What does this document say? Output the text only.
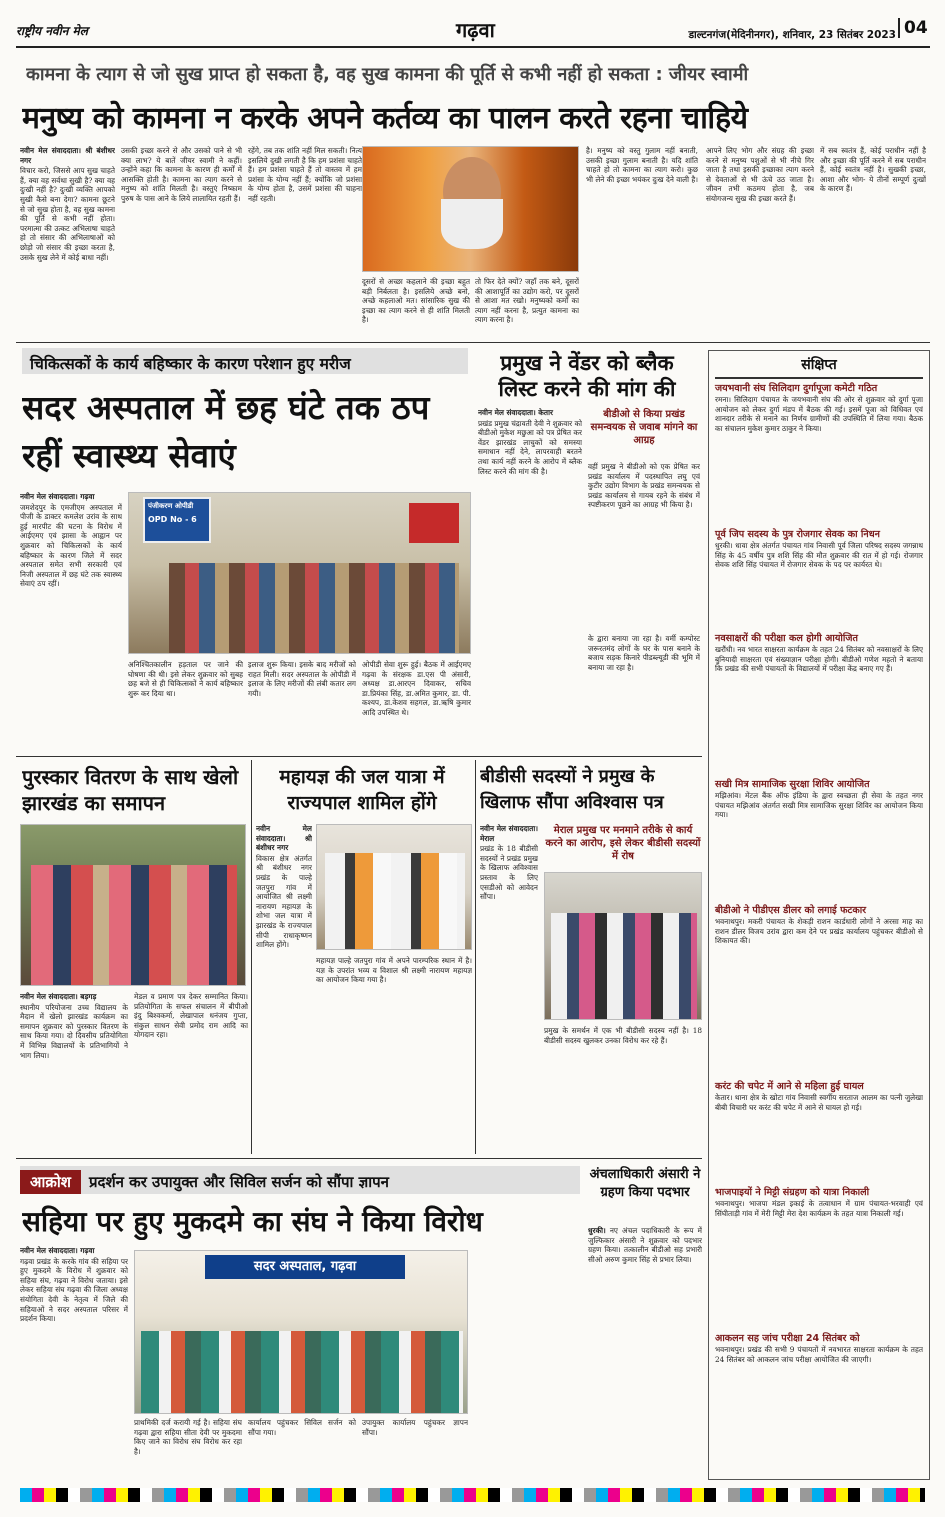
राष्ट्रीय नवीन मेल	गढ़वा	डाल्टनगंज(मेदिनीनगर), शनिवार, 23 सितंबर 2023 04
कामना के त्याग से जो सुख प्राप्त हो सकता है, वह सुख कामना की पूर्ति से कभी नहीं हो सकता : जीयर स्वामी
मनुष्य को कामना न करके अपने कर्तव्य का पालन करते रहना चाहिये
नवीन मेल संवाददाता। श्री बंशीधर नगर
विचार करो, जिससे आप सुख चाहते हैं, क्या वह सर्वथा सुखी है? क्या वह दुःखी नहीं है? दुःखी व्यक्ति आपको सुखी कैसे बना देगा? कामना छूटने से जो सुख होता है, वह सुख कामना की पूर्ति से कभी नहीं होता। परमात्मा की उत्कट अभिलाषा चाहते हो तो संसार की अभिलाषाओं को छोड़ो जो संसार की इच्छा करता है, उसके सुख लेने में कोई बाधा नहीं।
उसकी इच्छा करने से और उसको पाने से भी क्या लाभ? ये बातें जीयर स्वामी ने कहीं। उन्होंने कहा कि कामना के कारण ही कर्मों में आसक्ति होती है। कामना का त्याग करने से मनुष्य को शांति मिलती है। वस्तुएं निष्काम पुरुष के पास आने के लिये लालायित रहती हैं।
रहेंगे, तब तक शांति नहीं मिल सकती। नित्य इसलिये दुखी लगती है कि हम प्रशंसा चाहते हैं। हम प्रशंसा चाहते हैं तो वास्तव में हम प्रशंसा के योग्य नहीं हैं; क्योंकि जो प्रशंसा के योग्य होता है, उसमें प्रशंसा की चाहना नहीं रहती।
दूसरों से अच्छा कहलाने की इच्छा बहुत बड़ी निर्बलता है। इसलिये अच्छे बनो, अच्छे कहलाओ मत। सांसारिक सुख की इच्छा का त्याग करने से ही शांति मिलती है।
तो फिर देते क्यों? जहाँ तक बने, दूसरों की आशापूर्ति का उद्योग करो, पर दूसरों से आशा मत रखो। मनुष्यको कर्मों का त्याग नहीं करना है, प्रत्युत कामना का त्याग करना है।
है। मनुष्य को वस्तु गुलाम नहीं बनाती, उसकी इच्छा गुलाम बनाती है। यदि शांति चाहते हो तो कामना का त्याग करो। कुछ भी लेने की इच्छा भयंकर दुःख देने वाली है।
आपने लिए भोग और संग्रह की इच्छा करने से मनुष्य पशुओं से भी नीचे गिर जाता है तथा इसकी इच्छाका त्याग करने से देवताओं से भी ऊंचे उठ जाता है। जीवन तभी कठमय होता है, जब संयोगजन्य सुख की इच्छा करते हैं।
में सब स्वतंत्र हैं, कोई पराधीन नहीं है और इच्छा की पूर्ति करने में सब पराधीन हैं, कोई स्वतंत्र नहीं है। सुखकी इच्छा, आशा और भोग- ये तीनों सम्पूर्ण दुःखों के कारण हैं।
चिकित्सकों के कार्य बहिष्कार के कारण परेशान हुए मरीज
सदर अस्पताल में छह घंटे तक ठप रहीं स्वास्थ्य सेवाएं
नवीन मेल संवाददाता। गढ़वा
जमशेदपुर के एमजीएम अस्पताल में पीजी के डाक्टर कमलेश उरांव के साथ हुई मारपीट की घटना के विरोध में आईएमए एवं झासा के आह्वान पर शुक्रवार को चिकित्सकों के कार्य बहिष्कार के कारण जिले में सदर अस्पताल समेत सभी सरकारी एवं निजी अस्पताल में छह घंटे तक स्वास्थ्य सेवाएं ठप रहीं।
पंजीकरण ओपीडी
OPD No - 6
अनिश्चितकालीन हड़ताल पर जाने की घोषणा की थी। इसे लेकर शुक्रवार को सुबह छह बजे से ही चिकित्सकों ने कार्य बहिष्कार शुरू कर दिया था।
इलाज शुरू किया। इसके बाद मरीजों को राहत मिली। सदर अस्पताल के ओपीडी में इलाज के लिए मरीजों की लंबी कतार लग गयी।
ओपीडी सेवा शुरू हुई। बैठक में आईएमए गढ़वा के संरक्षक डा.एस पी अंसारी, अध्यक्ष डा.आरएन दिवाकर, सचिव डा.प्रियंका सिंह, डा.अमित कुमार, डा. पी. कश्यप, डा.केशव सहगल, डा.ऋषि कुमार आदि उपस्थित थे।
प्रमुख ने वेंडर को ब्लैक लिस्ट करने की मांग की
नवीन मेल संवाददाता। केतार
प्रखंड प्रमुख चंद्रावती देवी ने शुक्रवार को बीडीओ मुकेश मछुआ को पत्र प्रेषित कर वेंडर झारखंड लाचुकों को समस्या समाधान नहीं देने, लापरवाही बरतने तथा कार्य नहीं करने के आरोप में ब्लैक लिस्ट करने की मांग की है।
बीडीओ से किया प्रखंड समन्वयक से जवाब मांगने का आग्रह
वहीं प्रमुख ने बीडीओ को एक प्रेषित कर प्रखंड कार्यालय में पदस्थापित लघु एवं कुटीर उद्योग विभाग के प्रखंड समन्वयक से प्रखंड कार्यालय से गायब रहने के संबंध में स्पष्टीकरण पूछने का आग्रह भी किया है।
के द्वारा बनाया जा रहा है। वर्मी कम्पोस्ट जरूरतमंद लोगों के घर के पास बनाने के बजाय सड़क किनारे पीडब्ल्यूडी की भूमि में बनाया जा रहा है।
संक्षिप्त
जयभवानी संघ सिलिदाग दुर्गापूजा कमेटी गठित
रमना। सिलिदाग पंचायत के जयभवानी संघ की ओर से शुक्रवार को दुर्गा पूजा आयोजन को लेकर दुर्गा मंडप में बैठक की गई। इसमें पूजा को विधिवत एवं शानदार तरीके से मनाने का निर्णय ग्रामीणों की उपस्थिति में लिया गया। बैठक का संचालन मुकेश कुमार ठाकुर ने किया।
पूर्व जिप सदस्य के पुत्र रोजगार सेवक का निधन
धुरकी। धावा क्षेत्र अंतर्गत पंचायत गांव निवासी पूर्व जिला परिषद सदस्य जगन्नाथ सिंह के 45 वर्षीय पुत्र शशि सिंह की मौत शुक्रवार की रात में हो गई। रोजगार सेवक शशि सिंह पंचायत में रोजगार सेवक के पद पर कार्यरत थे।
नवसाक्षरों की परीक्षा कल होगी आयोजित
खरौंधी। नव भारत साक्षरता कार्यक्रम के तहत 24 सितंबर को नवसाक्षरों के लिए बुनियादी साक्षरता एवं संख्याज्ञान परीक्षा होगी। बीडीओ गणेश महतो ने बताया कि प्रखंड की सभी पंचायतों के विद्यालयों में परीक्षा केंद्र बनाए गए हैं।
सखी मित्र सामाजिक सुरक्षा शिविर आयोजित
मझिआंव। मेंटल बैंक ऑफ इंडिया के द्वारा स्वच्छता ही सेवा के तहत नगर पंचायत मझिआंव अंतर्गत सखी मित्र सामाजिक सुरक्षा शिविर का आयोजन किया गया।
बीडीओ ने पीडीएस डीलर को लगाई फटकार
भवनाथपुर। मकरी पंचायत के शेकड़ी राशन कार्डधारी लोगों ने अरसा माह का राशन डीलर विजय उरांव द्वारा कम देने पर प्रखंड कार्यालय पहुंचकर बीडीओ से शिकायत की।
करंट की चपेट में आने से महिला हुई घायल
केतार। थाना क्षेत्र के खोटा गांव निवासी स्वर्गीय सरताज आलम का पत्नी जुलेखा बीबी विचारी घर करंट की चपेट में आने से घायल हो गई।
भाजपाइयों ने मिट्टी संग्रहण को यात्रा निकाली
भवनाथपुर। भाजपा मंडल इकाई के तत्वाधान में ग्राम पंचायत-भरवाही एवं सिंघीताड़ी गांव में मेरी मिट्टी मेरा देश कार्यक्रम के तहत यात्रा निकाली गई।
आकलन सह जांच परीक्षा 24 सितंबर को
भवनाथपुर। प्रखंड की सभी 9 पंचायतों में नवभारत साक्षरता कार्यक्रम के तहत 24 सितंबर को आकलन जांच परीक्षा आयोजित की जाएगी।
पुरस्कार वितरण के साथ खेलो झारखंड का समापन
नवीन मेल संवाददाता। बड़गड़
स्थानीय परियोजना उच्च विद्यालय के मैदान में खेलो झारखंड कार्यक्रम का समापन शुक्रवार को पुरस्कार वितरण के साथ किया गया। दो दिवसीय प्रतियोगिता में विभिन्न विद्यालयों के प्रतिभागियों ने भाग लिया।
मेडल व प्रमाण पत्र देकर सम्मानित किया। प्रतियोगिता के सफल संचालन में बीपीओ इंदु बिश्वकर्मा, लेखापाल धनंजय गुप्ता, संकुल साधन सेवी प्रमोद राम आदि का योगदान रहा।
महायज्ञ की जल यात्रा में राज्यपाल शामिल होंगे
नवीन मेल संवाददाता। श्री बंशीधर नगर
विकास क्षेत्र अंतर्गत श्री बंशीधर नगर प्रखंड के पाल्हे जतपुरा गांव में आयोजित श्री लक्ष्मी नारायण महायज्ञ के शोभा जल यात्रा में झारखंड के राज्यपाल सीपी राधाकृष्णन शामिल होंगे।
महायज्ञ पाल्हे जतपुरा गांव में अपने पारम्परिक स्थान में है। यज्ञ के उपरांत भव्य व विशाल श्री लक्ष्मी नारायण महायज्ञ का आयोजन किया गया है।
बीडीसी सदस्यों ने प्रमुख के खिलाफ सौंपा अविश्वास पत्र
नवीन मेल संवाददाता। मेराल
प्रखंड के 18 बीडीसी सदस्यों ने प्रखंड प्रमुख के खिलाफ अविश्वास प्रस्ताव के लिए एसडीओ को आवेदन सौंपा।
मेराल प्रमुख पर मनमाने तरीके से कार्य करने का आरोप, इसे लेकर बीडीसी सदस्यों में रोष
प्रमुख के समर्थन में एक भी बीडीसी सदस्य नहीं है। 18 बीडीसी सदस्य खुलकर उनका विरोध कर रहे हैं।
आक्रोश प्रदर्शन कर उपायुक्त और सिविल सर्जन को सौंपा ज्ञापन
सहिया पर हुए मुकदमे का संघ ने किया विरोध
नवीन मेल संवाददाता। गढ़वा
गढ़वा प्रखंड के करके गांव की सहिया पर हुए मुकदमे के विरोध में शुक्रवार को सहिया संघ, गढ़वा ने विरोध जताया। इसे लेकर सहिया संघ गढ़वा की जिला अध्यक्ष संयोगिता देवी के नेतृत्व में जिले की सहियाओं ने सदर अस्पताल परिसर में प्रदर्शन किया।
सदर अस्पताल, गढ़वा
प्राथमिकी दर्ज करायी गई है। सहिया संघ गढ़वा द्वारा सहिया सीता देवी पर मुकदमा किए जाने का विरोध संघ विरोध कर रहा है।
कार्यालय पहुंचकर सिविल सर्जन को सौंपा गया।
उपायुक्त कार्यालय पहुंचकर ज्ञापन सौंपा।
अंचलाधिकारी अंसारी ने ग्रहण किया पदभार
धुरकी। नए अंचल पदाधिकारी के रूप में जुल्फिकार अंसारी ने शुक्रवार को पदभार ग्रहण किया। तत्कालीन बीडीओ सह प्रभारी सीओ अरुण कुमार सिंह से प्रभार लिया।
